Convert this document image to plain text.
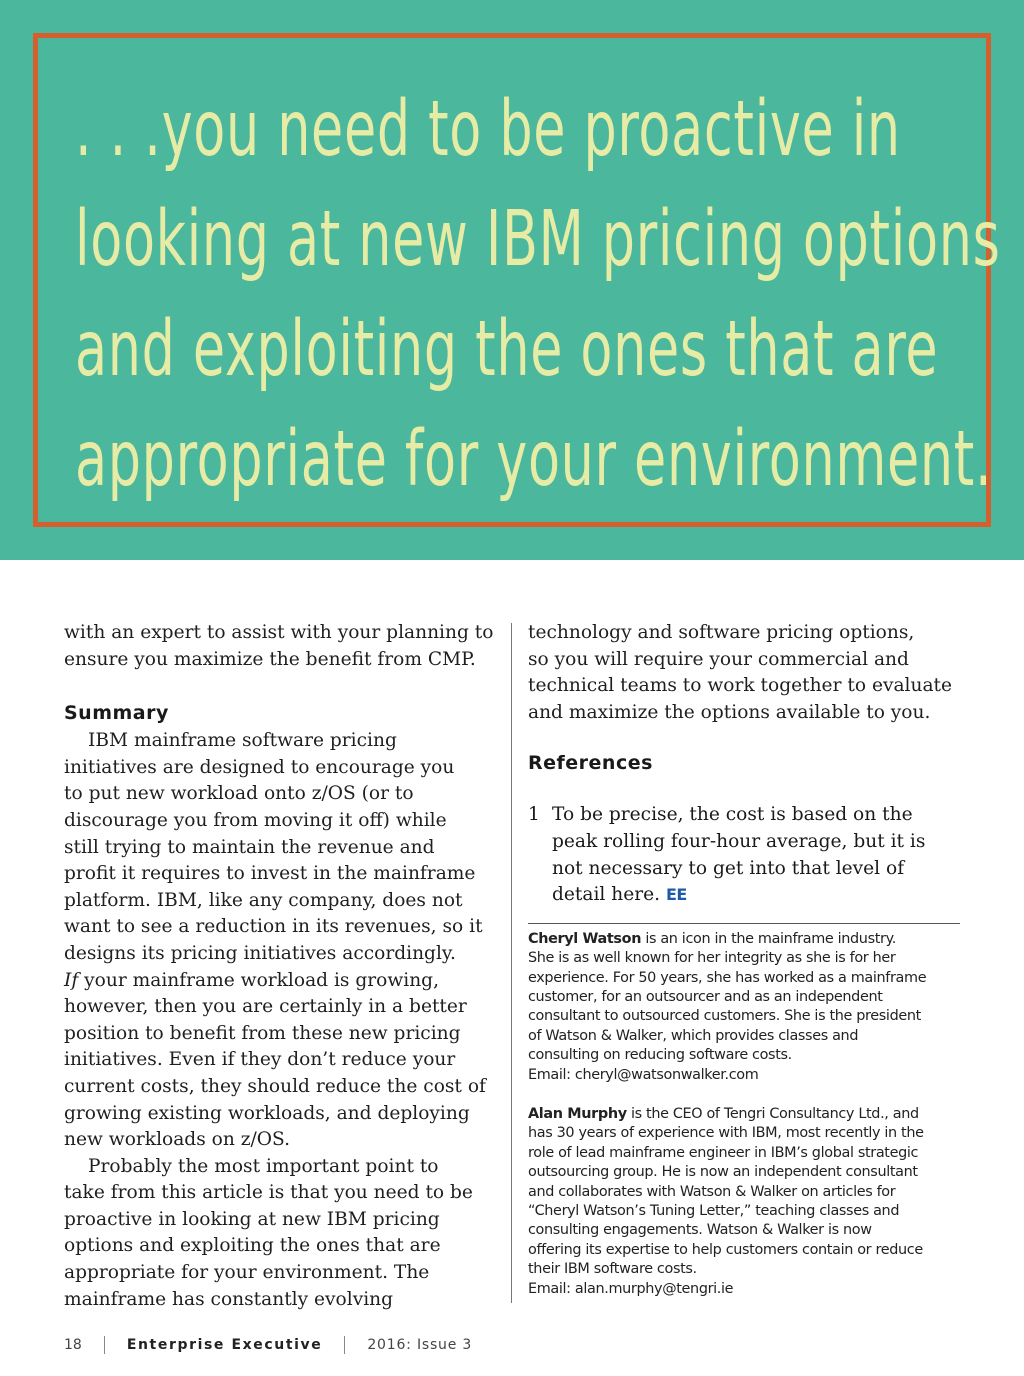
. . .you need to be proactive in
looking at new IBM pricing options
and exploiting the ones that are
appropriate for your environment.

with an expert to assist with your planning to
ensure you maximize the benefit from CMP.

Summary

IBM mainframe software pricing
initiatives are designed to encourage you
to put new workload onto z/OS (or to
discourage you from moving it off) while
still trying to maintain the revenue and
profit it requires to invest in the mainframe
platform. IBM, like any company, does not
want to see a reduction in its revenues, so it
designs its pricing initiatives accordingly.
If your mainframe workload is growing,
however, then you are certainly in a better
position to benefit from these new pricing
initiatives. Even if they don’t reduce your
current costs, they should reduce the cost of
growing existing workloads, and deploying
new workloads on z/OS.

Probably the most important point to
take from this article is that you need to be
proactive in looking at new IBM pricing
options and exploiting the ones that are
appropriate for your environment. The
mainframe has constantly evolving

technology and software pricing options,
so you will require your commercial and
technical teams to work together to evaluate
and maximize the options available to you.

References
1 To be precise, the cost is based on the
peak rolling four-hour average, but it is
not necessary to get into that level of
detail here. EE
Cheryl Watson is an icon in the mainframe industry.
She is as well known for her integrity as she is for her
experience. For 50 years, she has worked as a mainframe
customer, for an outsourcer and as an independent
consultant to outsourced customers. She is the president
of Watson & Walker, which provides classes and
consulting on reducing software costs.
Email: cheryl@watsonwalker.com
Alan Murphy is the CEO of Tengri Consultancy Ltd., and
has 30 years of experience with IBM, most recently in the
role of lead mainframe engineer in IBM’s global strategic
outsourcing group. He is now an independent consultant
and collaborates with Watson & Walker on articles for
“Cheryl Watson’s Tuning Letter,” teaching classes and
consulting engagements. Watson & Walker is now
offering its expertise to help customers contain or reduce
their IBM software costs.
Email: alan.murphy@tengri.ie
18	Enterprise Executive	2016: Issue 3
